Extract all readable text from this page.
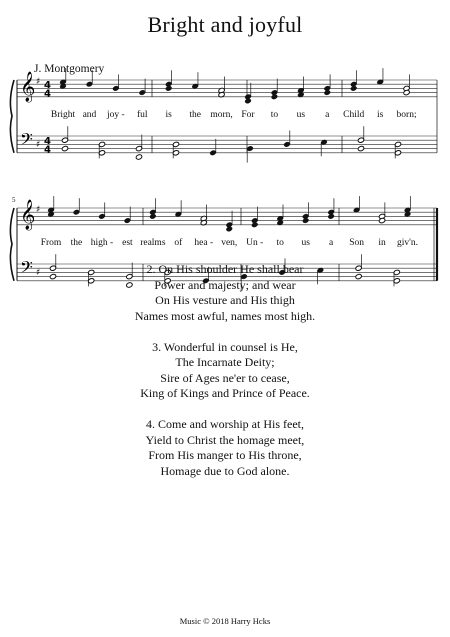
Bright and joyful
J. Montgomery
𝄞
𝄢
♯
♯
4
4
4
4
Bright and joy - ful is the morn, For to us a Child is born;
𝄞
𝄢
♯
♯
5
From the high - est realms of hea - ven, Un - to us a Son in giv'n.
2. On His shoulder He shall bear
Power and majesty; and wear
On His vesture and His thigh
Names most awful, names most high.
3. Wonderful in counsel is He,
The Incarnate Deity;
Sire of Ages ne'er to cease,
King of Kings and Prince of Peace.
4. Come and worship at His feet,
Yield to Christ the homage meet,
From His manger to His throne,
Homage due to God alone.
Music © 2018 Harry Hcks
